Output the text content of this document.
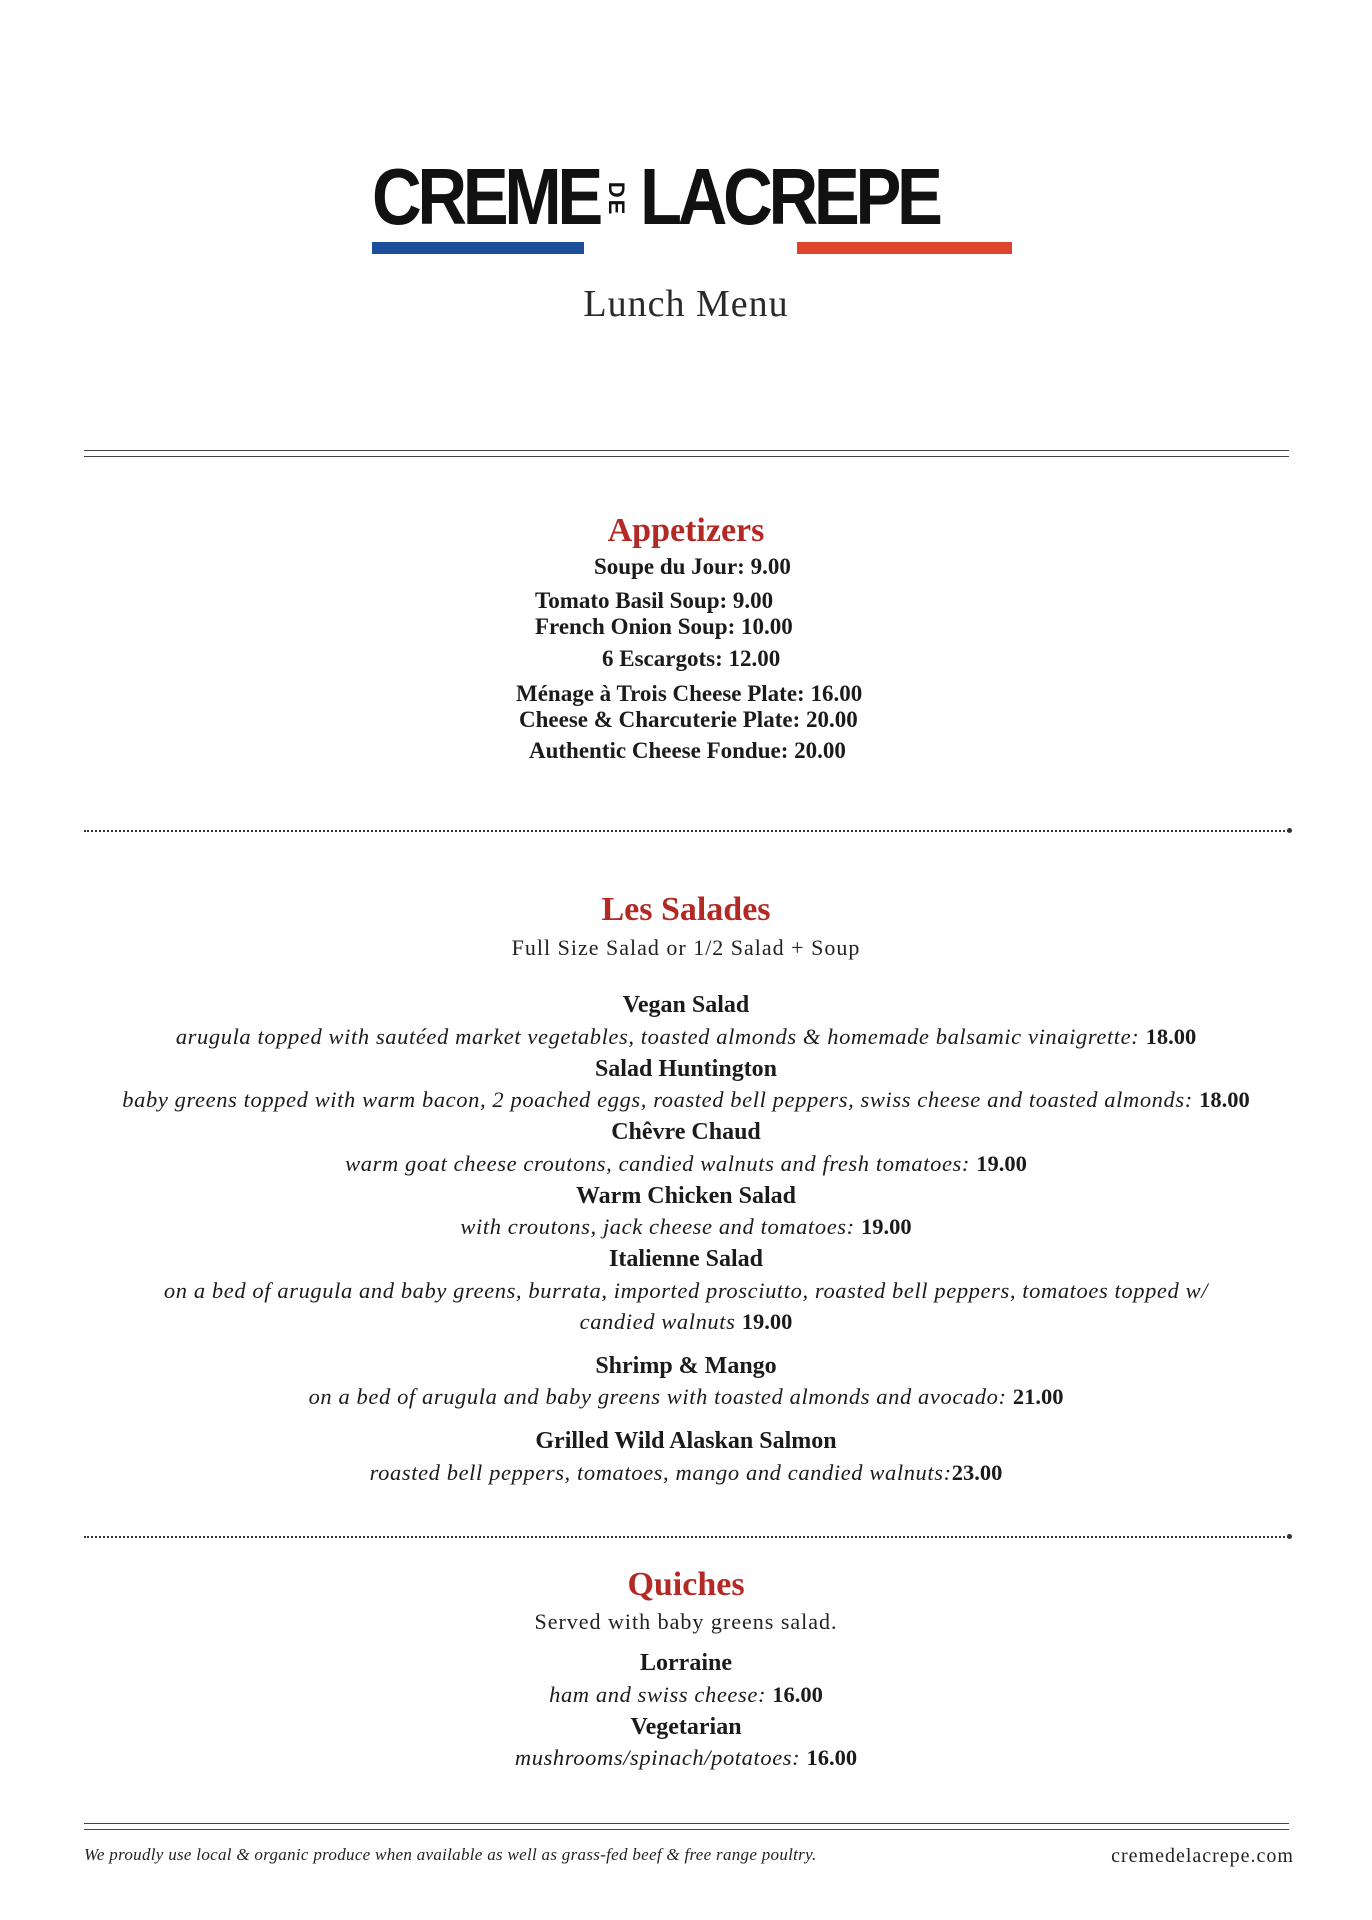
CREME DE LACREPE
Lunch Menu
Appetizers
Soupe du Jour: 9.00
Tomato Basil Soup: 9.00
French Onion Soup: 10.00
6 Escargots: 12.00
Ménage à Trois Cheese Plate: 16.00
Cheese & Charcuterie Plate: 20.00
Authentic Cheese Fondue: 20.00
Les Salades
Full Size Salad or 1/2 Salad + Soup
Vegan Salad
arugula topped with sautéed market vegetables, toasted almonds & homemade balsamic vinaigrette: 18.00
Salad Huntington
baby greens topped with warm bacon, 2 poached eggs, roasted bell peppers, swiss cheese and toasted almonds: 18.00
Chêvre Chaud
warm goat cheese croutons, candied walnuts and fresh tomatoes: 19.00
Warm Chicken Salad
with croutons, jack cheese and tomatoes: 19.00
Italienne Salad
on a bed of arugula and baby greens, burrata, imported prosciutto, roasted bell peppers, tomatoes topped w/
candied walnuts 19.00
Shrimp & Mango
on a bed of arugula and baby greens with toasted almonds and avocado: 21.00
Grilled Wild Alaskan Salmon
roasted bell peppers, tomatoes, mango and candied walnuts:23.00
Quiches
Served with baby greens salad.
Lorraine
ham and swiss cheese: 16.00
Vegetarian
mushrooms/spinach/potatoes: 16.00
We proudly use local & organic produce when available as well as grass-fed beef & free range poultry.	cremedelacrepe.com
